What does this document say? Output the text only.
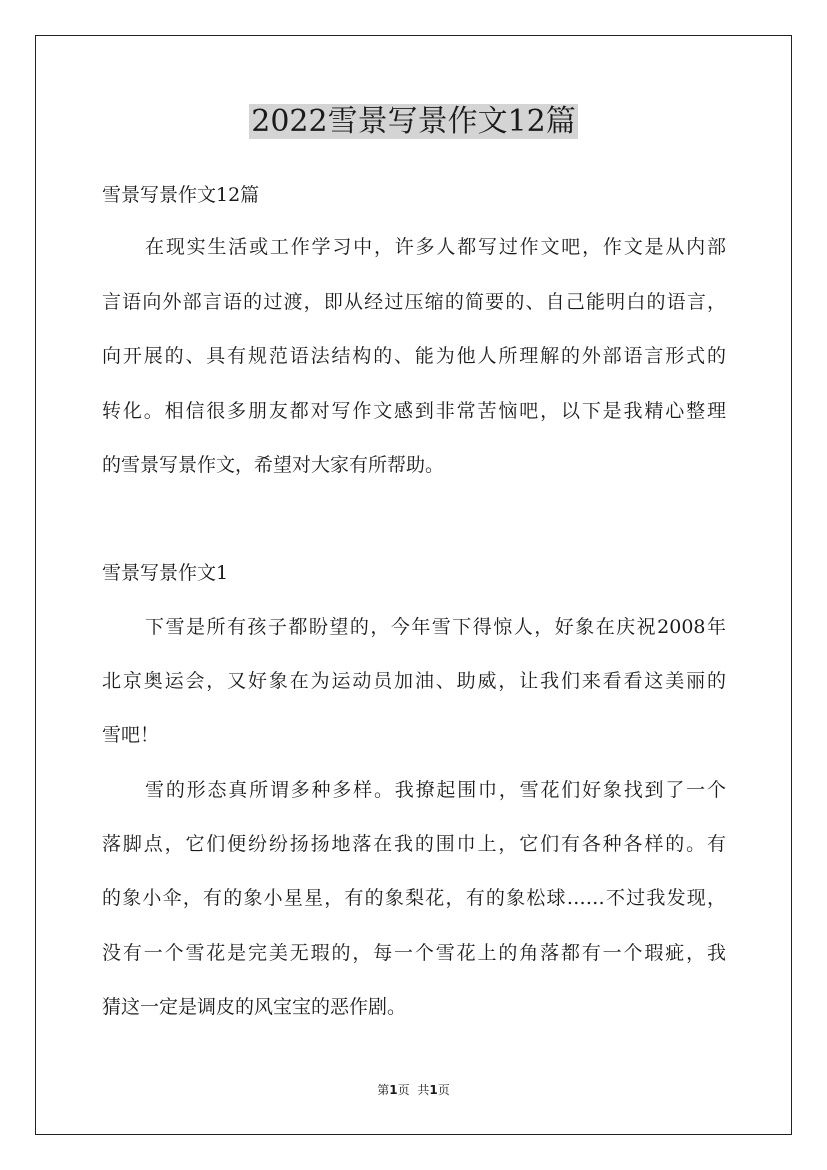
2022雪景写景作文12篇
雪景写景作文12篇
在现实生活或工作学习中，许多人都写过作文吧，作文是从内部
言语向外部言语的过渡，即从经过压缩的简要的、自己能明白的语言，
向开展的、具有规范语法结构的、能为他人所理解的外部语言形式的
转化。相信很多朋友都对写作文感到非常苦恼吧，以下是我精心整理
的雪景写景作文，希望对大家有所帮助。
雪景写景作文1
下雪是所有孩子都盼望的，今年雪下得惊人，好象在庆祝2008年
北京奥运会，又好象在为运动员加油、助威，让我们来看看这美丽的
雪吧！
雪的形态真所谓多种多样。我撩起围巾，雪花们好象找到了一个
落脚点，它们便纷纷扬扬地落在我的围巾上，它们有各种各样的。有
的象小伞，有的象小星星，有的象梨花，有的象松球……不过我发现，
没有一个雪花是完美无瑕的，每一个雪花上的角落都有一个瑕疵，我
猜这一定是调皮的风宝宝的恶作剧。
第1页 共1页
